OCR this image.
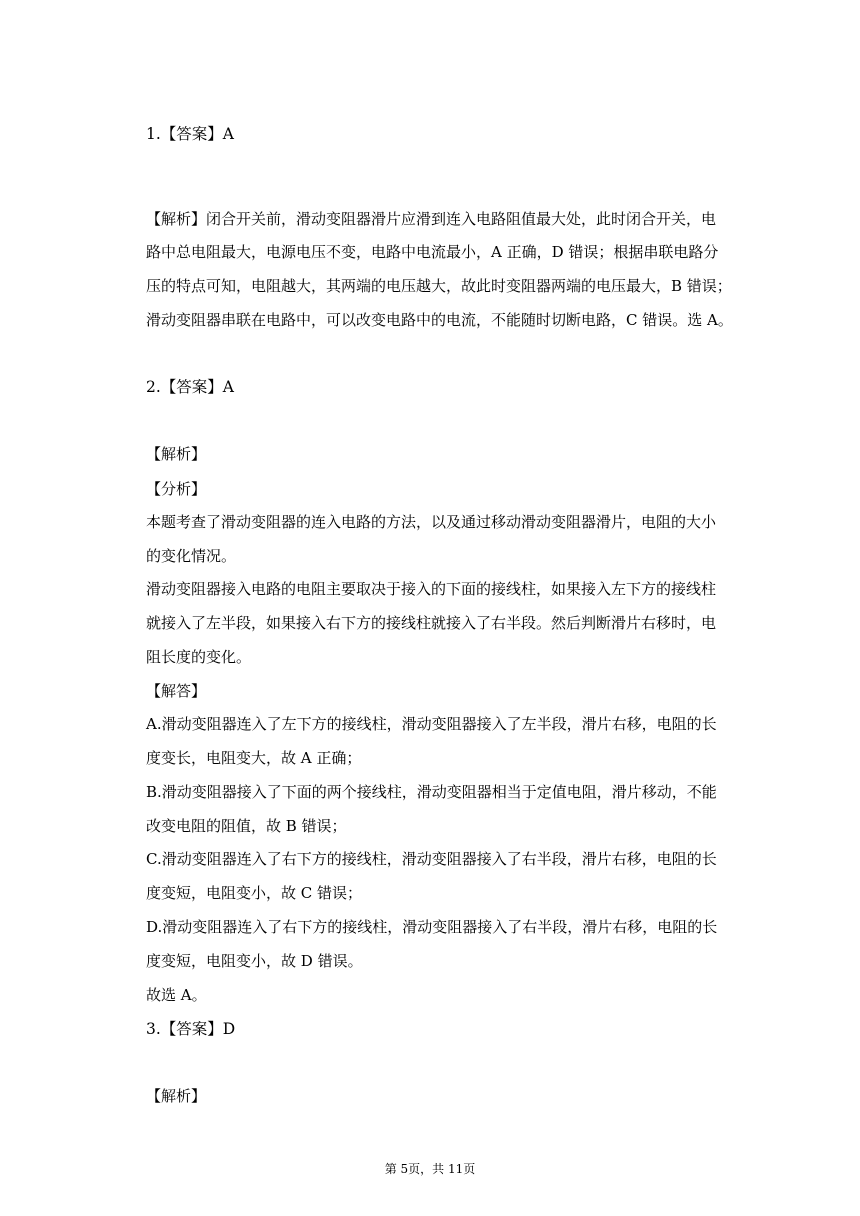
1.【答案】A
【解析】闭合开关前，滑动变阻器滑片应滑到连入电路阻值最大处，此时闭合开关，电
路中总电阻最大，电源电压不变，电路中电流最小，A 正确，D 错误；根据串联电路分
压的特点可知，电阻越大，其两端的电压越大，故此时变阻器两端的电压最大，B 错误；
滑动变阻器串联在电路中，可以改变电路中的电流，不能随时切断电路，C 错误。选 A。
2.【答案】A
【解析】
【分析】
本题考查了滑动变阻器的连入电路的方法，以及通过移动滑动变阻器滑片，电阻的大小
的变化情况。
滑动变阻器接入电路的电阻主要取决于接入的下面的接线柱，如果接入左下方的接线柱
就接入了左半段，如果接入右下方的接线柱就接入了右半段。然后判断滑片右移时，电
阻长度的变化。
【解答】
A.滑动变阻器连入了左下方的接线柱，滑动变阻器接入了左半段，滑片右移，电阻的长
度变长，电阻变大，故 A 正确；
B.滑动变阻器接入了下面的两个接线柱，滑动变阻器相当于定值电阻，滑片移动，不能
改变电阻的阻值，故 B 错误；
C.滑动变阻器连入了右下方的接线柱，滑动变阻器接入了右半段，滑片右移，电阻的长
度变短，电阻变小，故 C 错误；
D.滑动变阻器连入了右下方的接线柱，滑动变阻器接入了右半段，滑片右移，电阻的长
度变短，电阻变小，故 D 错误。
故选 A。
3.【答案】D
【解析】
第 5页，共 11页
